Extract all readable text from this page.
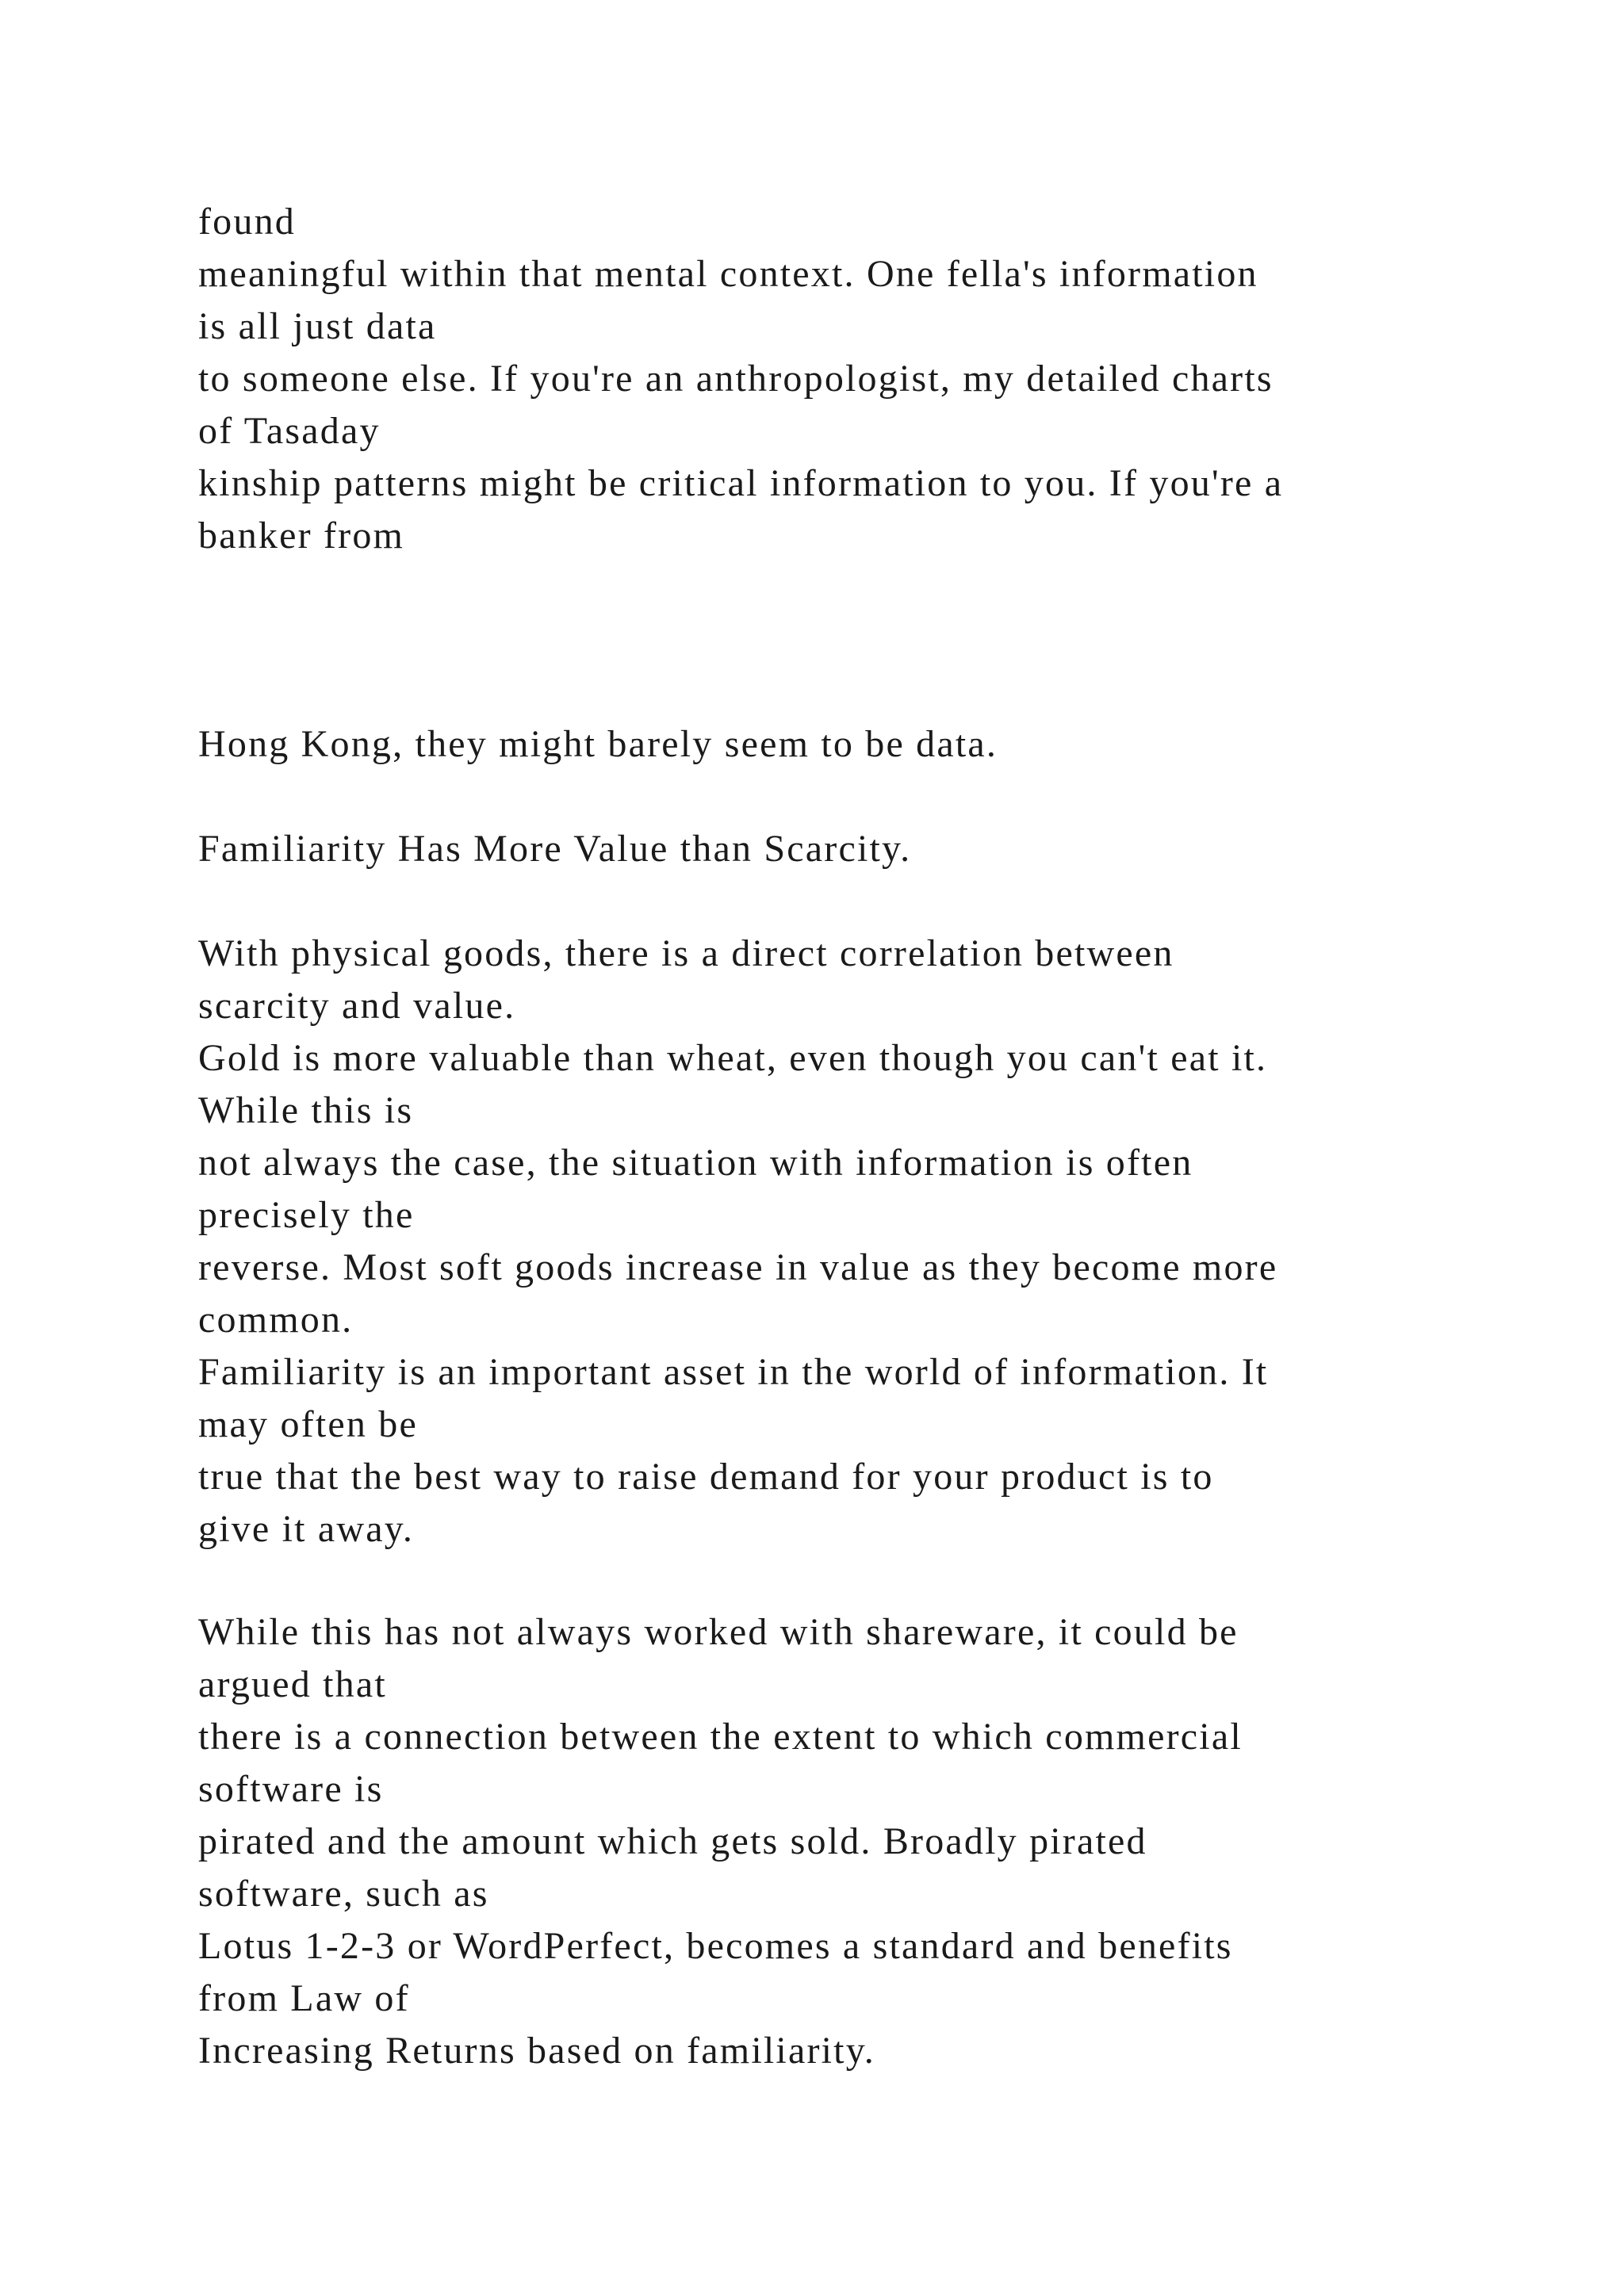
found
meaningful within that mental context. One fella's information
is all just data
to someone else. If you're an anthropologist, my detailed charts
of Tasaday
kinship patterns might be critical information to you. If you're a
banker from
Hong Kong, they might barely seem to be data.
Familiarity Has More Value than Scarcity.
With physical goods, there is a direct correlation between
scarcity and value.
Gold is more valuable than wheat, even though you can't eat it.
While this is
not always the case, the situation with information is often
precisely the
reverse. Most soft goods increase in value as they become more
common.
Familiarity is an important asset in the world of information. It
may often be
true that the best way to raise demand for your product is to
give it away.
While this has not always worked with shareware, it could be
argued that
there is a connection between the extent to which commercial
software is
pirated and the amount which gets sold. Broadly pirated
software, such as
Lotus 1-2-3 or WordPerfect, becomes a standard and benefits
from Law of
Increasing Returns based on familiarity.
